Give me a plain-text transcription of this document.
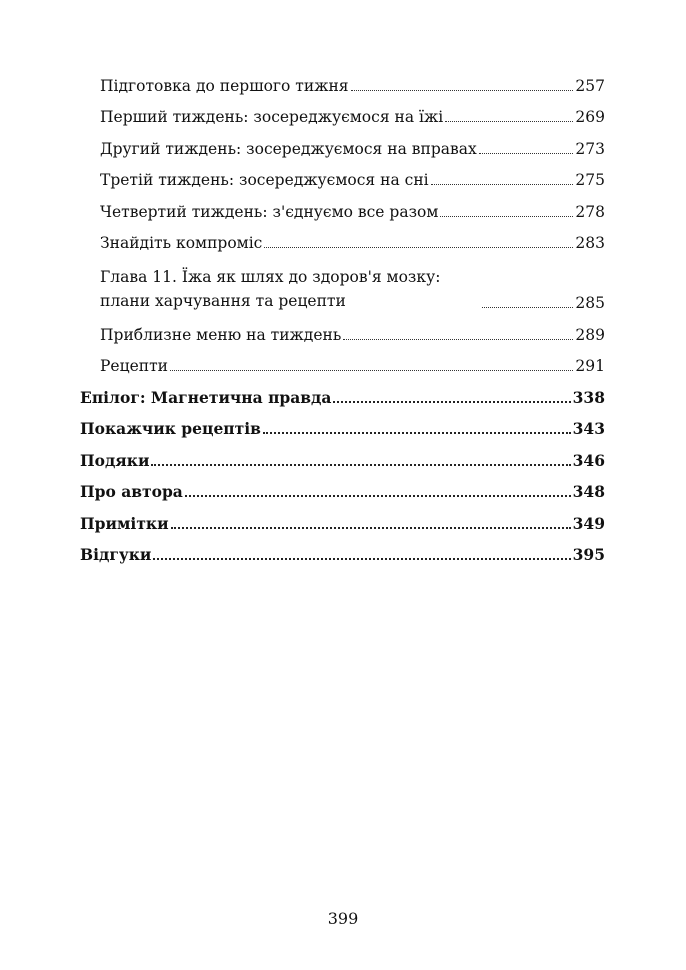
Підготовка до першого тижня	257
Перший тиждень: зосереджуємося на їжі	269
Другий тиждень: зосереджуємося на вправах	273
Третій тиждень: зосереджуємося на сні	275
Четвертий тиждень: з'єднуємо все разом	278
Знайдіть компроміс	283
Глава 11. Їжа як шлях до здоров'я мозку: плани харчування та рецепти	285
Приблизне меню на тиждень	289
Рецепти	291
Епілог: Магнетична правда	338
Покажчик рецептів	343
Подяки	346
Про автора	348
Примітки	349
Відгуки	395
399
